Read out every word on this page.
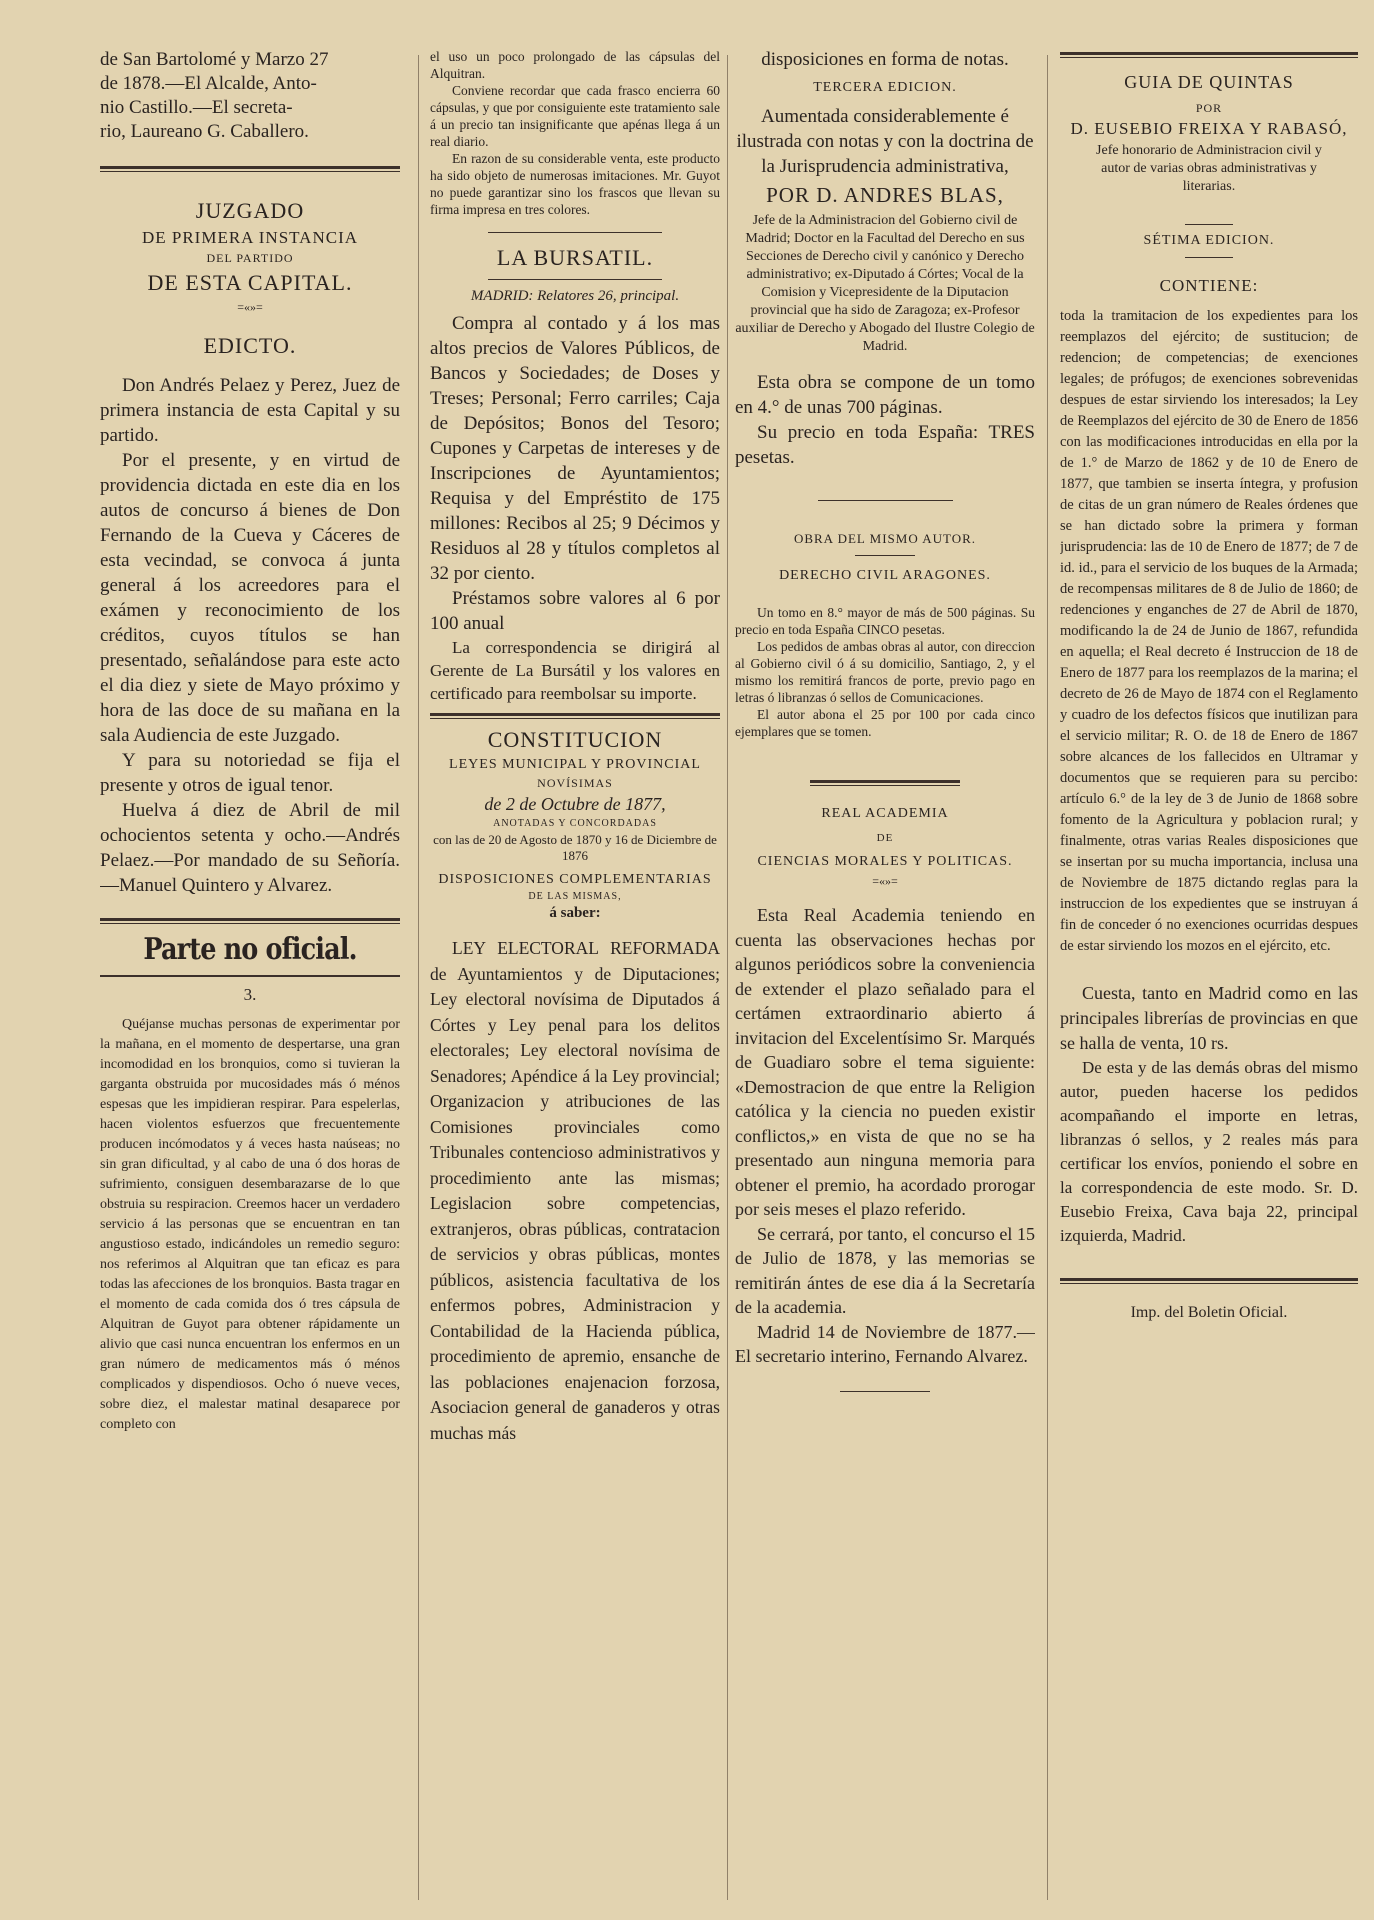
de San Bartolomé y Marzo 27

de 1878.—El Alcalde, Anto-

nio Castillo.—El secreta-

rio, Laureano G. Caballero.

JUZGADO
DE PRIMERA INSTANCIA
DEL PARTIDO
DE ESTA CAPITAL.
=«»=
EDICTO.

Don Andrés Pelaez y Perez, Juez de primera instancia de esta Capital y su partido.

Por el presente, y en virtud de providencia dictada en este dia en los autos de concurso á bienes de Don Fernando de la Cueva y Cáceres de esta vecindad, se convoca á junta general á los acreedores para el exámen y reconocimiento de los créditos, cuyos títulos se han presentado, señalándose para este acto el dia diez y siete de Mayo próximo y hora de las doce de su mañana en la sala Audiencia de este Juzgado.

Y para su notoriedad se fija el presente y otros de igual tenor.

Huelva á diez de Abril de mil ochocientos setenta y ocho.—Andrés Pelaez.—Por mandado de su Señoría.—Manuel Quintero y Alvarez.

Parte no oficial.
3.

Quéjanse muchas personas de experimentar por la mañana, en el momento de despertarse, una gran incomodidad en los bronquios, como si tuvieran la garganta obstruida por mucosidades más ó ménos espesas que les impidieran respirar. Para espelerlas, hacen violentos esfuerzos que frecuentemente producen incómodatos y á veces hasta naúseas; no sin gran dificultad, y al cabo de una ó dos horas de sufrimiento, consiguen desembarazarse de lo que obstruia su respiracion. Creemos hacer un verdadero servicio á las personas que se encuentran en tan angustioso estado, indicándoles un remedio seguro: nos referimos al Alquitran que tan eficaz es para todas las afecciones de los bronquios. Basta tragar en el momento de cada comida dos ó tres cápsula de Alquitran de Guyot para obtener rápidamente un alivio que casi nunca encuentran los enfermos en un gran número de medicamentos más ó ménos complicados y dispendiosos. Ocho ó nueve veces, sobre diez, el malestar matinal desaparece por completo con

el uso un poco prolongado de las cápsulas del Alquitran.

Conviene recordar que cada frasco encierra 60 cápsulas, y que por consiguiente este tratamiento sale á un precio tan insignificante que apénas llega á un real diario.

En razon de su considerable venta, este producto ha sido objeto de numerosas imitaciones. Mr. Guyot no puede garantizar sino los frascos que llevan su firma impresa en tres colores.

LA BURSATIL.

MADRID: Relatores 26, principal.

Compra al contado y á los mas altos precios de Valores Públicos, de Bancos y Sociedades; de Doses y Treses; Personal; Ferro carriles; Caja de Depósitos; Bonos del Tesoro; Cupones y Carpetas de intereses y de Inscripciones de Ayuntamientos; Requisa y del Empréstito de 175 millones: Recibos al 25; 9 Décimos y Residuos al 28 y títulos completos al 32 por ciento.

Préstamos sobre valores al 6 por 100 anual

La correspondencia se dirigirá al Gerente de La Bursátil y los valores en certificado para reembolsar su importe.

CONSTITUCION
LEYES MUNICIPAL Y PROVINCIAL
NOVÍSIMAS
de 2 de Octubre de 1877,
ANOTADAS Y CONCORDADAS
con las de 20 de Agosto de 1870 y 16 de Diciembre de 1876
DISPOSICIONES COMPLEMENTARIAS
DE LAS MISMAS,
á saber:

LEY ELECTORAL REFORMADA de Ayuntamientos y de Diputaciones; Ley electoral novísima de Diputados á Córtes y Ley penal para los delitos electorales; Ley electoral novísima de Senadores; Apéndice á la Ley provincial; Organizacion y atribuciones de las Comisiones provinciales como Tribunales contencioso administrativos y procedimiento ante las mismas; Legislacion sobre competencias, extranjeros, obras públicas, contratacion de servicios y obras públicas, montes públicos, asistencia facultativa de los enfermos pobres, Administracion y Contabilidad de la Hacienda pública, procedimiento de apremio, ensanche de las poblaciones enajenacion forzosa, Asociacion general de ganaderos y otras muchas más

disposiciones en forma de notas.

TERCERA EDICION.

Aumentada considerablemente é ilustrada con notas y con la doctrina de la Jurisprudencia administrativa,

POR D. ANDRES BLAS,

Jefe de la Administracion del Gobierno civil de Madrid; Doctor en la Facultad del Derecho en sus Secciones de Derecho civil y canónico y Derecho administrativo; ex-Diputado á Córtes; Vocal de la Comision y Vicepresidente de la Diputacion provincial que ha sido de Zaragoza; ex-Profesor auxiliar de Derecho y Abogado del Ilustre Colegio de Madrid.

Esta obra se compone de un tomo en 4.° de unas 700 páginas.

Su precio en toda España: TRES pesetas.

OBRA DEL MISMO AUTOR.
DERECHO CIVIL ARAGONES.

Un tomo en 8.° mayor de más de 500 páginas. Su precio en toda España CINCO pesetas.

Los pedidos de ambas obras al autor, con direccion al Gobierno civil ó á su domicilio, Santiago, 2, y el mismo los remitirá francos de porte, previo pago en letras ó libranzas ó sellos de Comunicaciones.

El autor abona el 25 por 100 por cada cinco ejemplares que se tomen.

REAL ACADEMIA
DE
CIENCIAS MORALES Y POLITICAS.
=«»=

Esta Real Academia teniendo en cuenta las observaciones hechas por algunos periódicos sobre la conveniencia de extender el plazo señalado para el certámen extraordinario abierto á invitacion del Excelentísimo Sr. Marqués de Guadiaro sobre el tema siguiente: «Demostracion de que entre la Religion católica y la ciencia no pueden existir conflictos,» en vista de que no se ha presentado aun ninguna memoria para obtener el premio, ha acordado prorogar por seis meses el plazo referido.

Se cerrará, por tanto, el concurso el 15 de Julio de 1878, y las memorias se remitirán ántes de ese dia á la Secretaría de la academia.

Madrid 14 de Noviembre de 1877.—El secretario interino, Fernando Alvarez.

GUIA DE QUINTAS
POR
D. EUSEBIO FREIXA Y RABASÓ,

Jefe honorario de Administracion civil y autor de varias obras administrativas y literarias.

SÉTIMA EDICION.
CONTIENE:

toda la tramitacion de los expedientes para los reemplazos del ejército; de sustitucion; de redencion; de competencias; de exenciones legales; de prófugos; de exenciones sobrevenidas despues de estar sirviendo los interesados; la Ley de Reemplazos del ejército de 30 de Enero de 1856 con las modificaciones introducidas en ella por la de 1.° de Marzo de 1862 y de 10 de Enero de 1877, que tambien se inserta íntegra, y profusion de citas de un gran número de Reales órdenes que se han dictado sobre la primera y forman jurisprudencia: las de 10 de Enero de 1877; de 7 de id. id., para el servicio de los buques de la Armada; de recompensas militares de 8 de Julio de 1860; de redenciones y enganches de 27 de Abril de 1870, modificando la de 24 de Junio de 1867, refundida en aquella; el Real decreto é Instruccion de 18 de Enero de 1877 para los reemplazos de la marina; el decreto de 26 de Mayo de 1874 con el Reglamento y cuadro de los defectos físicos que inutilizan para el servicio militar; R. O. de 18 de Enero de 1867 sobre alcances de los fallecidos en Ultramar y documentos que se requieren para su percibo: artículo 6.° de la ley de 3 de Junio de 1868 sobre fomento de la Agricultura y poblacion rural; y finalmente, otras varias Reales disposiciones que se insertan por su mucha importancia, inclusa una de Noviembre de 1875 dictando reglas para la instruccion de los expedientes que se instruyan á fin de conceder ó no exenciones ocurridas despues de estar sirviendo los mozos en el ejército, etc.

Cuesta, tanto en Madrid como en las principales librerías de provincias en que se halla de venta, 10 rs.

De esta y de las demás obras del mismo autor, pueden hacerse los pedidos acompañando el importe en letras, libranzas ó sellos, y 2 reales más para certificar los envíos, poniendo el sobre en la correspondencia de este modo. Sr. D. Eusebio Freixa, Cava baja 22, principal izquierda, Madrid.

Imp. del Boletin Oficial.
